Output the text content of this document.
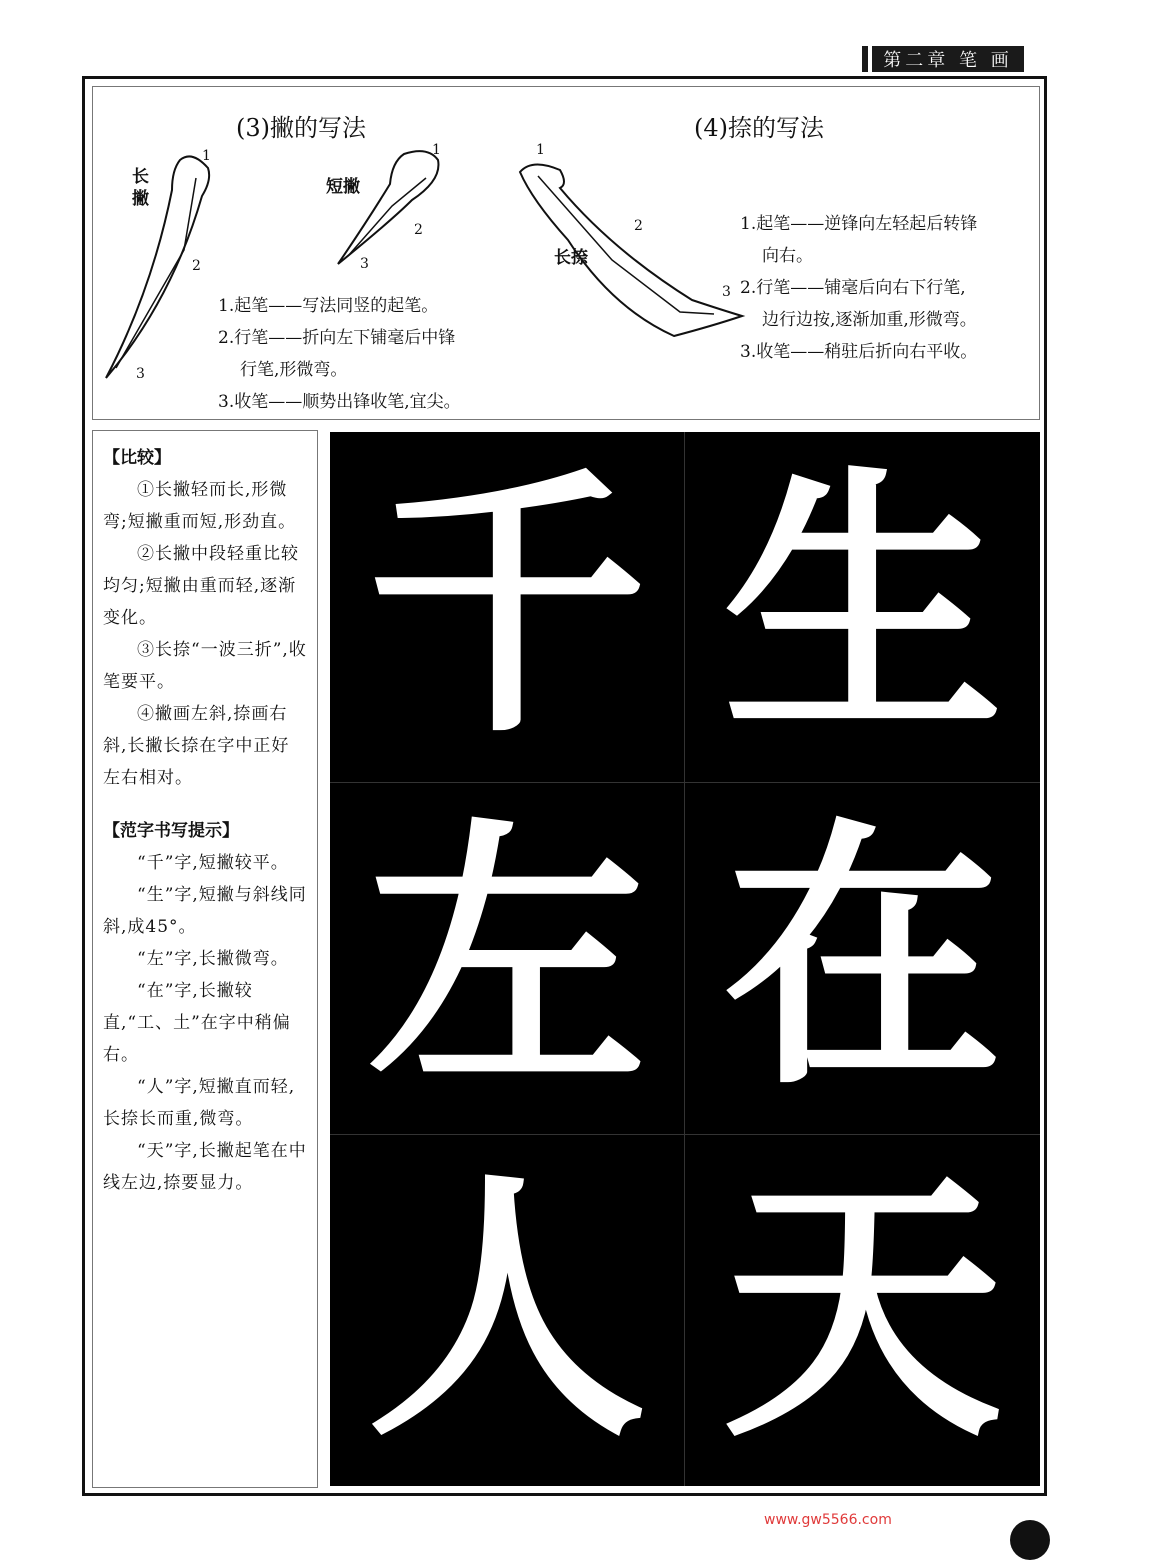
第二章 笔 画
(3)撇的写法	(4)捺的写法
长撇
短撇
长捺
1
2
3
1
2
3
1
2
3

1.起笔——写法同竖的起笔。

2.行笔——折向左下铺毫后中锋

行笔,形微弯。

3.收笔——顺势出锋收笔,宜尖。

1.起笔——逆锋向左轻起后转锋

向右。

2.行笔——铺毫后向右下行笔,

边行边按,逐渐加重,形微弯。

3.收笔——稍驻后折向右平收。

【比较】

①长撇轻而长,形微弯;短撇重而短,形劲直。

②长撇中段轻重比较均匀;短撇由重而轻,逐渐变化。

③长捺“一波三折”,收笔要平。

④撇画左斜,捺画右斜,长撇长捺在字中正好左右相对。

【范字书写提示】

“千”字,短撇较平。

“生”字,短撇与斜线同斜,成45°。

“左”字,长撇微弯。

“在”字,长撇较直,“工、土”在字中稍偏右。

“人”字,短撇直而轻,长捺长而重,微弯。

“天”字,长撇起笔在中线左边,捺要显力。

千 生
左 在
人 天
www.gw5566.com
